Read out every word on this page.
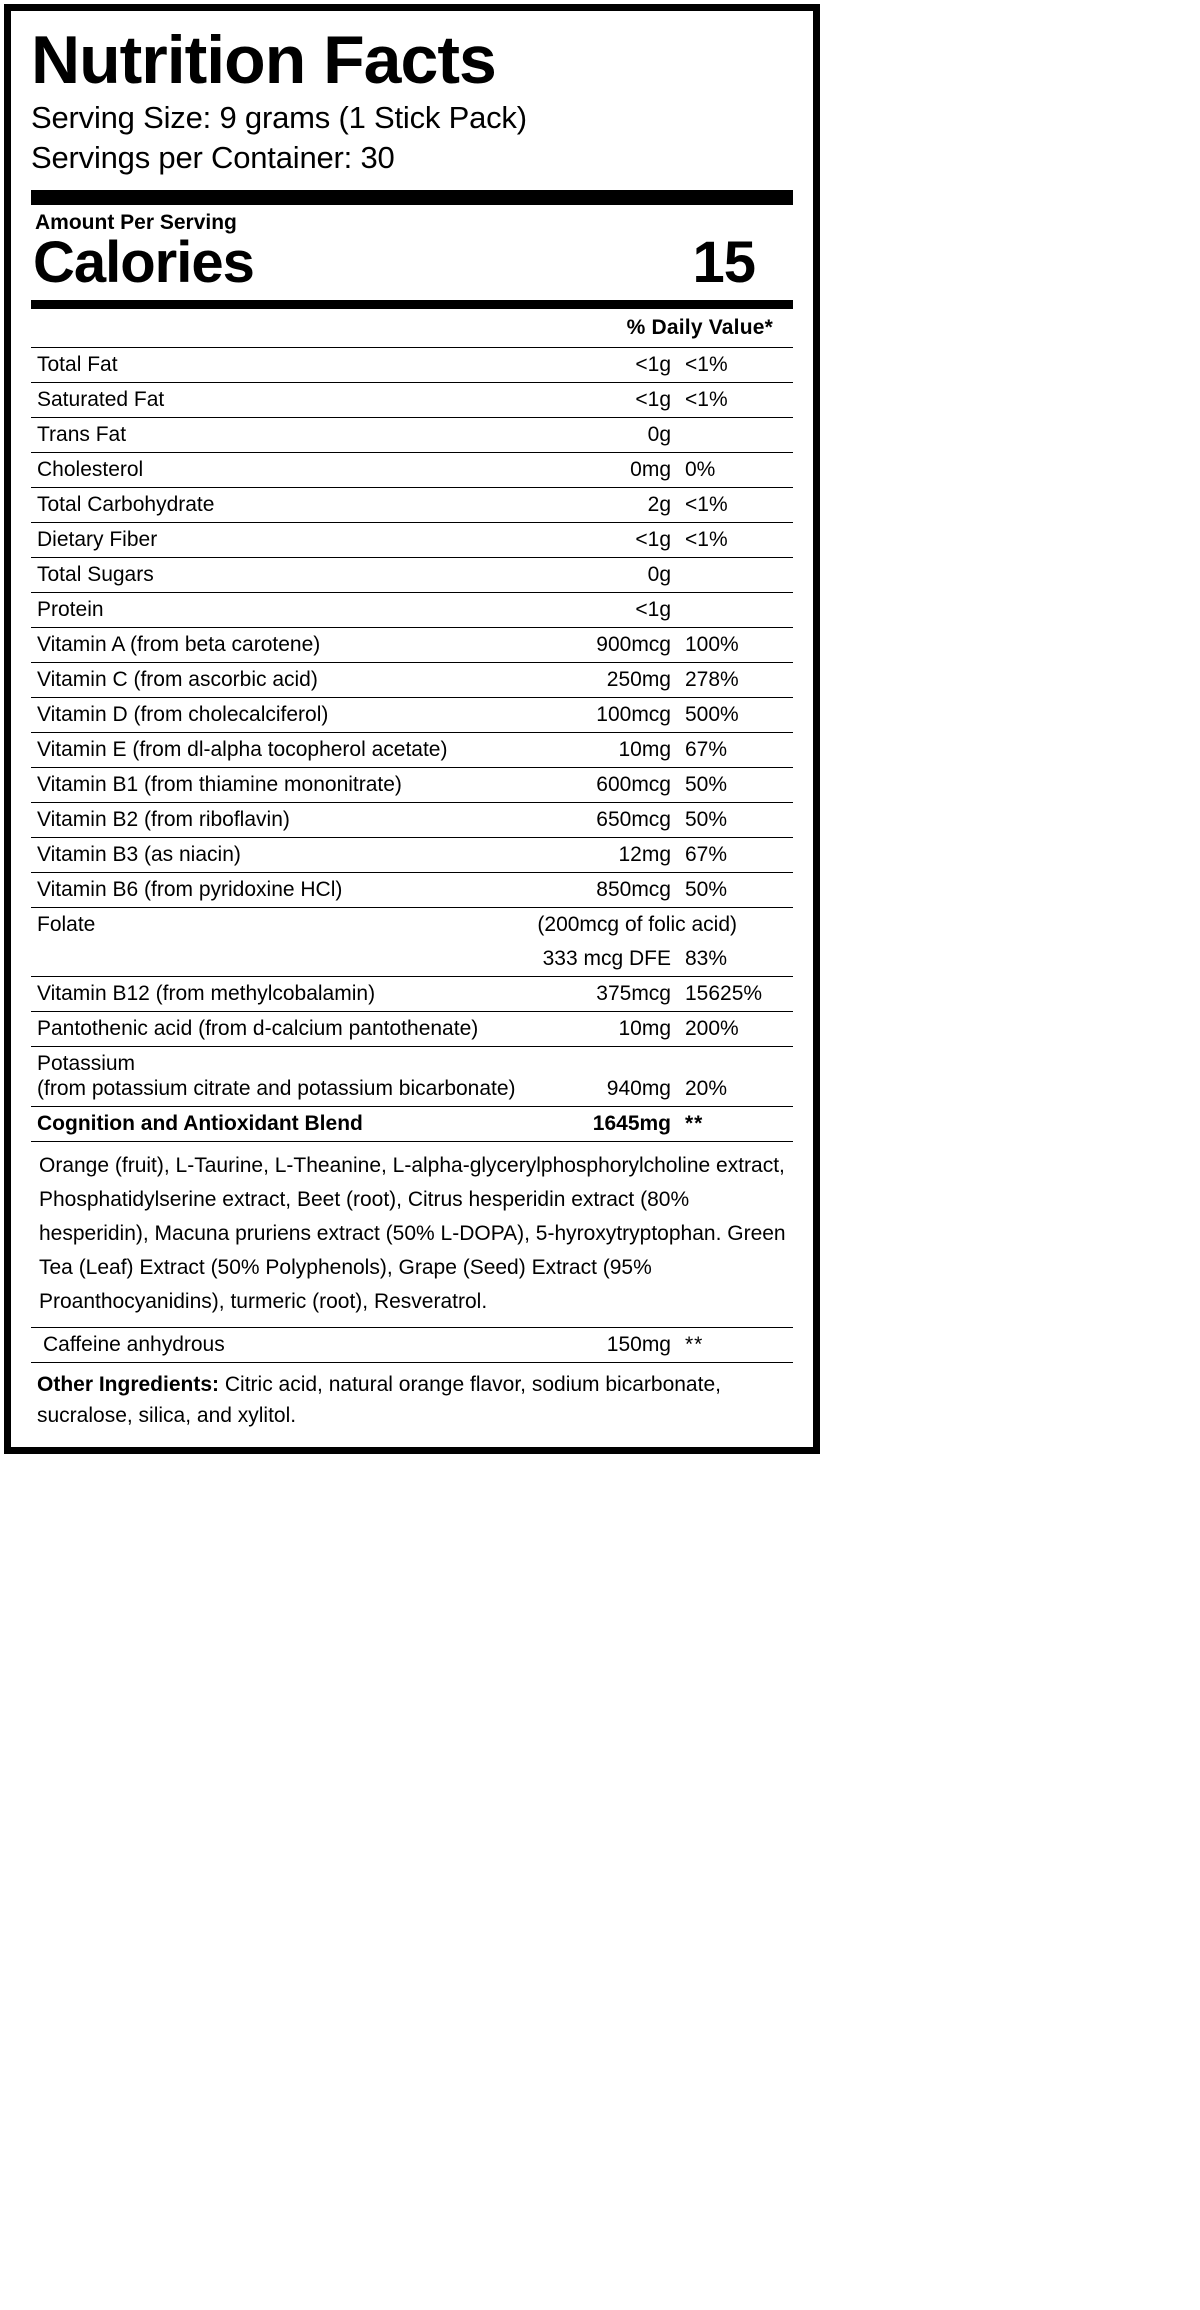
Nutrition Facts
Serving Size: 9 grams (1 Stick Pack)
Servings per Container: 30
Amount Per Serving
Calories	15
% Daily Value*
Total Fat	<1g	<1%
Saturated Fat	<1g	<1%
Trans Fat	0g	
Cholesterol	0mg	0%
Total Carbohydrate	2g	<1%
Dietary Fiber	<1g	<1%
Total Sugars	0g	
Protein	<1g	
Vitamin A (from beta carotene)	900mcg	100%
Vitamin C (from ascorbic acid)	250mg	278%
Vitamin D (from cholecalciferol)	100mcg	500%
Vitamin E (from dl-alpha tocopherol acetate)	10mg	67%
Vitamin B1 (from thiamine mononitrate)	600mcg	50%
Vitamin B2 (from riboflavin)	650mcg	50%
Vitamin B3 (as niacin)	12mg	67%
Vitamin B6 (from pyridoxine HCl)	850mcg	50%
Folate	(200mcg of folic acid)	
	333 mcg DFE	83%
Vitamin B12 (from methylcobalamin)	375mcg	15625%
Pantothenic acid (from d-calcium pantothenate)	10mg	200%

Potassium
(from potassium citrate and potassium bicarbonate)	940mg	20%
Cognition and Antioxidant Blend	1645mg	**
Orange (fruit), L-Taurine, L-Theanine, L-alpha-glycerylphosphorylcholine extract, Phosphatidylserine extract, Beet (root), Citrus hesperidin extract (80% hesperidin), Macuna pruriens extract (50% L-DOPA), 5-hyroxytryptophan. Green Tea (Leaf) Extract (50% Polyphenols), Grape (Seed) Extract (95% Proanthocyanidins), turmeric (root), Resveratrol.
Caffeine anhydrous	150mg	**
Other Ingredients: Citric acid, natural orange flavor, sodium bicarbonate, sucralose, silica, and xylitol.
